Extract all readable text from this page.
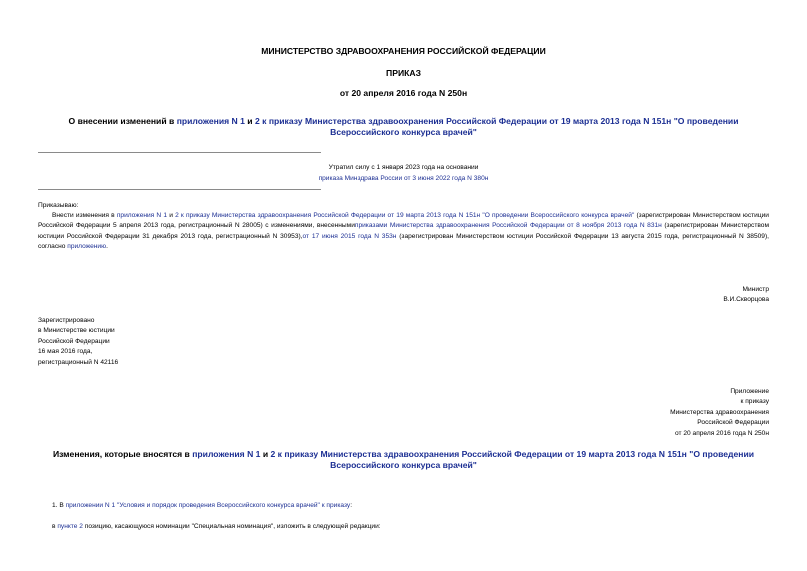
МИНИСТЕРСТВО ЗДРАВООХРАНЕНИЯ РОССИЙСКОЙ ФЕДЕРАЦИИ
ПРИКАЗ
от 20 апреля 2016 года N 250н
О внесении изменений в приложения N 1 и 2 к приказу Министерства здравоохранения Российской Федерации от 19 марта 2013 года N 151н "О проведении Всероссийского конкурса врачей"
Утратил силу с 1 января 2023 года на основании
приказа Минздрава России от 3 июня 2022 года N 380н
Приказываю:
Внести изменения в приложения N 1 и 2 к приказу Министерства здравоохранения Российской Федерации от 19 марта 2013 года N 151н "О проведении Всероссийского конкурса врачей" (зарегистрирован Министерством юстиции Российской Федерации 5 апреля 2013 года, регистрационный N 28005) с изменениями, внесеннымиприказами Министерства здравоохранения Российской Федерации от 8 ноября 2013 года N 831н (зарегистрирован Министерством юстиции Российской Федерации 31 декабря 2013 года, регистрационный N 30953),от 17 июня 2015 года N 353н (зарегистрирован Министерством юстиции Российской Федерации 13 августа 2015 года, регистрационный N 38509), согласно приложению.
Министр
В.И.Скворцова
Зарегистрировано
в Министерстве юстиции
Российской Федерации
16 мая 2016 года,
регистрационный N 42116
Приложение
к приказу
Министерства здравоохранения
Российской Федерации
от 20 апреля 2016 года N 250н
Изменения, которые вносятся в приложения N 1 и 2 к приказу Министерства здравоохранения Российской Федерации от 19 марта 2013 года N 151н "О проведении Всероссийского конкурса врачей"
1. В приложении N 1 "Условия и порядок проведения Всероссийского конкурса врачей" к приказу:
в пункте 2 позицию, касающуюся номинации "Специальная номинация", изложить в следующей редакции:
